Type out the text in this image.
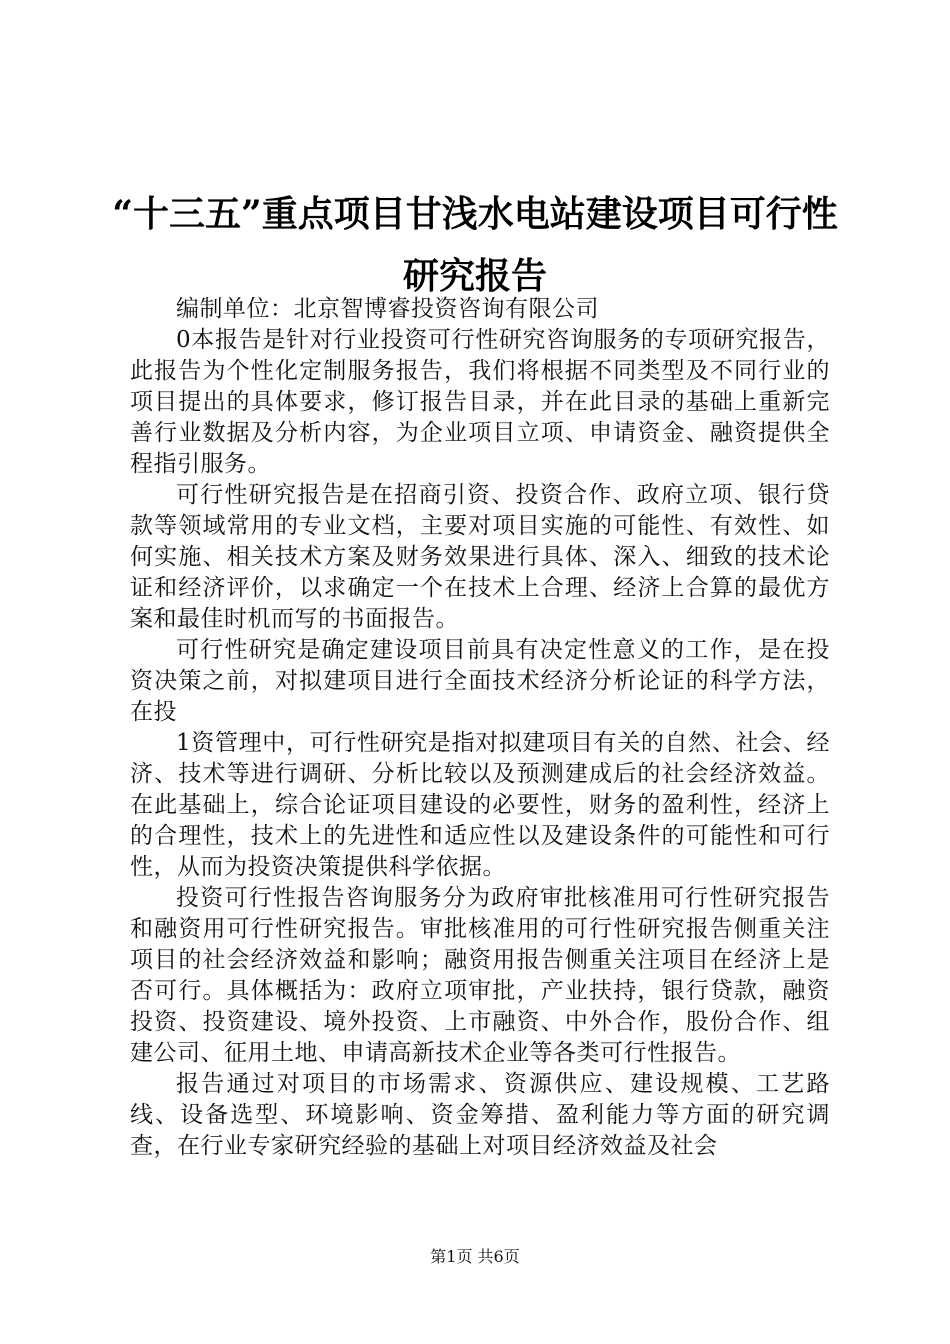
“十三五”重点项目甘浅水电站建设项目可行性研究报告

编制单位：北京智博睿投资咨询有限公司

0本报告是针对行业投资可行性研究咨询服务的专项研究报告，此报告为个性化定制服务报告，我们将根据不同类型及不同行业的项目提出的具体要求，修订报告目录，并在此目录的基础上重新完善行业数据及分析内容，为企业项目立项、申请资金、融资提供全程指引服务。

可行性研究报告是在招商引资、投资合作、政府立项、银行贷款等领域常用的专业文档，主要对项目实施的可能性、有效性、如何实施、相关技术方案及财务效果进行具体、深入、细致的技术论证和经济评价，以求确定一个在技术上合理、经济上合算的最优方案和最佳时机而写的书面报告。

可行性研究是确定建设项目前具有决定性意义的工作，是在投资决策之前，对拟建项目进行全面技术经济分析论证的科学方法，在投

1资管理中，可行性研究是指对拟建项目有关的自然、社会、经济、技术等进行调研、分析比较以及预测建成后的社会经济效益。在此基础上，综合论证项目建设的必要性，财务的盈利性，经济上的合理性，技术上的先进性和适应性以及建设条件的可能性和可行性，从而为投资决策提供科学依据。

投资可行性报告咨询服务分为政府审批核准用可行性研究报告和融资用可行性研究报告。审批核准用的可行性研究报告侧重关注项目的社会经济效益和影响；融资用报告侧重关注项目在经济上是否可行。具体概括为：政府立项审批，产业扶持，银行贷款，融资投资、投资建设、境外投资、上市融资、中外合作，股份合作、组建公司、征用土地、申请高新技术企业等各类可行性报告。

报告通过对项目的市场需求、资源供应、建设规模、工艺路线、设备选型、环境影响、资金筹措、盈利能力等方面的研究调查，在行业专家研究经验的基础上对项目经济效益及社会

第1页 共6页
